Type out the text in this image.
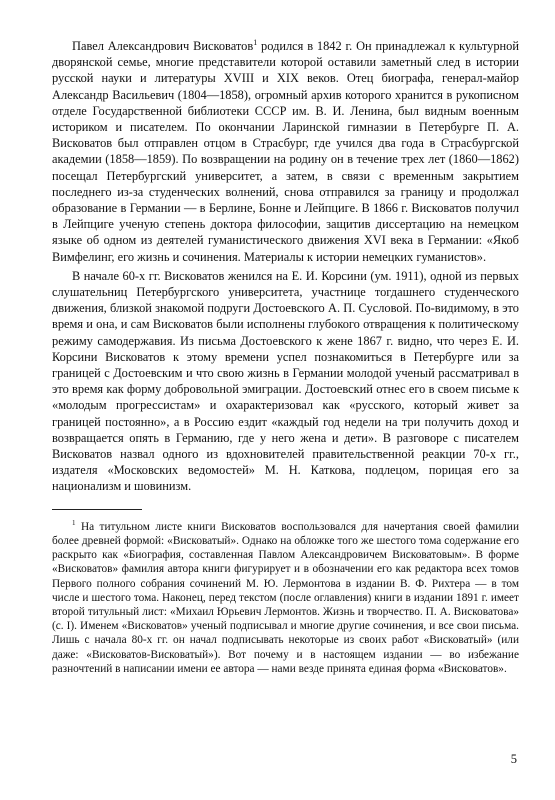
Павел Александрович Висковатов$^1$ родился в 1842 г. Он принадлежал к культурной дворянской семье, многие представители которой оставили заметный след в истории русской науки и литературы XVIII и XIX веков. Отец биографа, генерал-майор Александр Васильевич (1804—1858), огромный архив которого хранится в рукописном отделе Государственной библиотеки СССР им. В. И. Ленина, был видным военным историком и писателем. По окончании Ларинской гимназии в Петербурге П. А. Висковатов был отправлен отцом в Страсбург, где учился два года в Страсбургской академии (1858—1859). По возвращении на родину он в течение трех лет (1860—1862) посещал Петербургский университет, а затем, в связи с временным закрытием последнего из-за студенческих волнений, снова отправился за границу и продолжал образование в Германии — в Берлине, Бонне и Лейпциге. В 1866 г. Висковатов получил в Лейпциге ученую степень доктора философии, защитив диссертацию на немецком языке об одном из деятелей гуманистического движения XVI века в Германии: «Якоб Вимфелинг, его жизнь и сочинения. Материалы к истории немецких гуманистов».

В начале 60-х гг. Висковатов женился на Е. И. Корсини (ум. 1911), одной из первых слушательниц Петербургского университета, участнице тогдашнего студенческого движения, близкой знакомой подруги Достоевского А. П. Сусловой. По-видимому, в это время и она, и сам Висковатов были исполнены глубокого отвращения к политическому режиму самодержавия. Из письма Достоевского к жене 1867 г. видно, что через Е. И. Корсини Висковатов к этому времени успел познакомиться в Петербурге или за границей с Достоевским и что свою жизнь в Германии молодой ученый рассматривал в это время как форму добровольной эмиграции. Достоевский отнес его в своем письме к «молодым прогрессистам» и охарактеризовал как «русского, который живет за границей постоянно», а в Россию ездит «каждый год недели на три получить доход и возвращается опять в Германию, где у него жена и дети». В разговоре с писателем Висковатов назвал одного из вдохновителей правительственной реакции 70-х гг., издателя «Московских ведомостей» М. Н. Каткова, подлецом, порицая его за национализм и шовинизм.

$^1$ На титульном листе книги Висковатов воспользовался для начертания своей фамилии более древней формой: «Висковатый». Однако на обложке того же шестого тома содержание его раскрыто как «Биография, составленная Павлом Александровичем Висковатовым». В форме «Висковатов» фамилия автора книги фигурирует и в обозначении его как редактора всех томов Первого полного собрания сочинений М. Ю. Лермонтова в издании В. Ф. Рихтера — в том числе и шестого тома. Наконец, перед текстом (после оглавления) книги в издании 1891 г. имеет второй титульный лист: «Михаил Юрьевич Лермонтов. Жизнь и творчество. П. А. Висковатова» (с. I). Именем «Висковатов» ученый подписывал и многие другие сочинения, и все свои письма. Лишь с начала 80-х гг. он начал подписывать некоторые из своих работ «Висковатый» (или даже: «Висковатов-Висковатый»). Вот почему и в настоящем издании — во избежание разночтений в написании имени ее автора — нами везде принята единая форма «Висковатов».

5
